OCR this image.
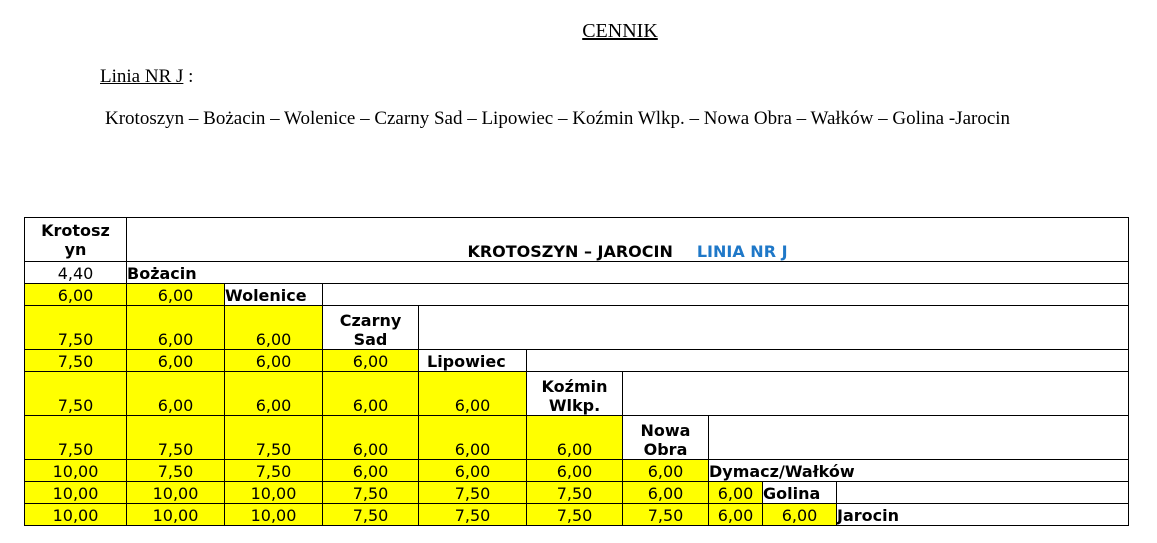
CENNIK
Linia NR J :
Krotoszyn – Bożacin – Wolenice – Czarny Sad – Lipowiec – Koźmin Wlkp. – Nowa Obra – Wałków – Golina -Jarocin
Krotosz
yn	KROTOSZYN – JAROCIN LINIA NR J								
4,40	Bożacin								
6,00	6,00	Wolenice							
7,50	6,00	6,00	Czarny
Sad						
7,50	6,00	6,00	6,00	Lipowiec					
7,50	6,00	6,00	6,00	6,00	Koźmin
Wlkp.				
7,50	7,50	7,50	6,00	6,00	6,00	Nowa
Obra			
10,00	7,50	7,50	6,00	6,00	6,00	6,00	Dymacz/Wałków		
10,00	10,00	10,00	7,50	7,50	7,50	6,00	6,00	Golina	
10,00	10,00	10,00	7,50	7,50	7,50	7,50	6,00	6,00	Jarocin
